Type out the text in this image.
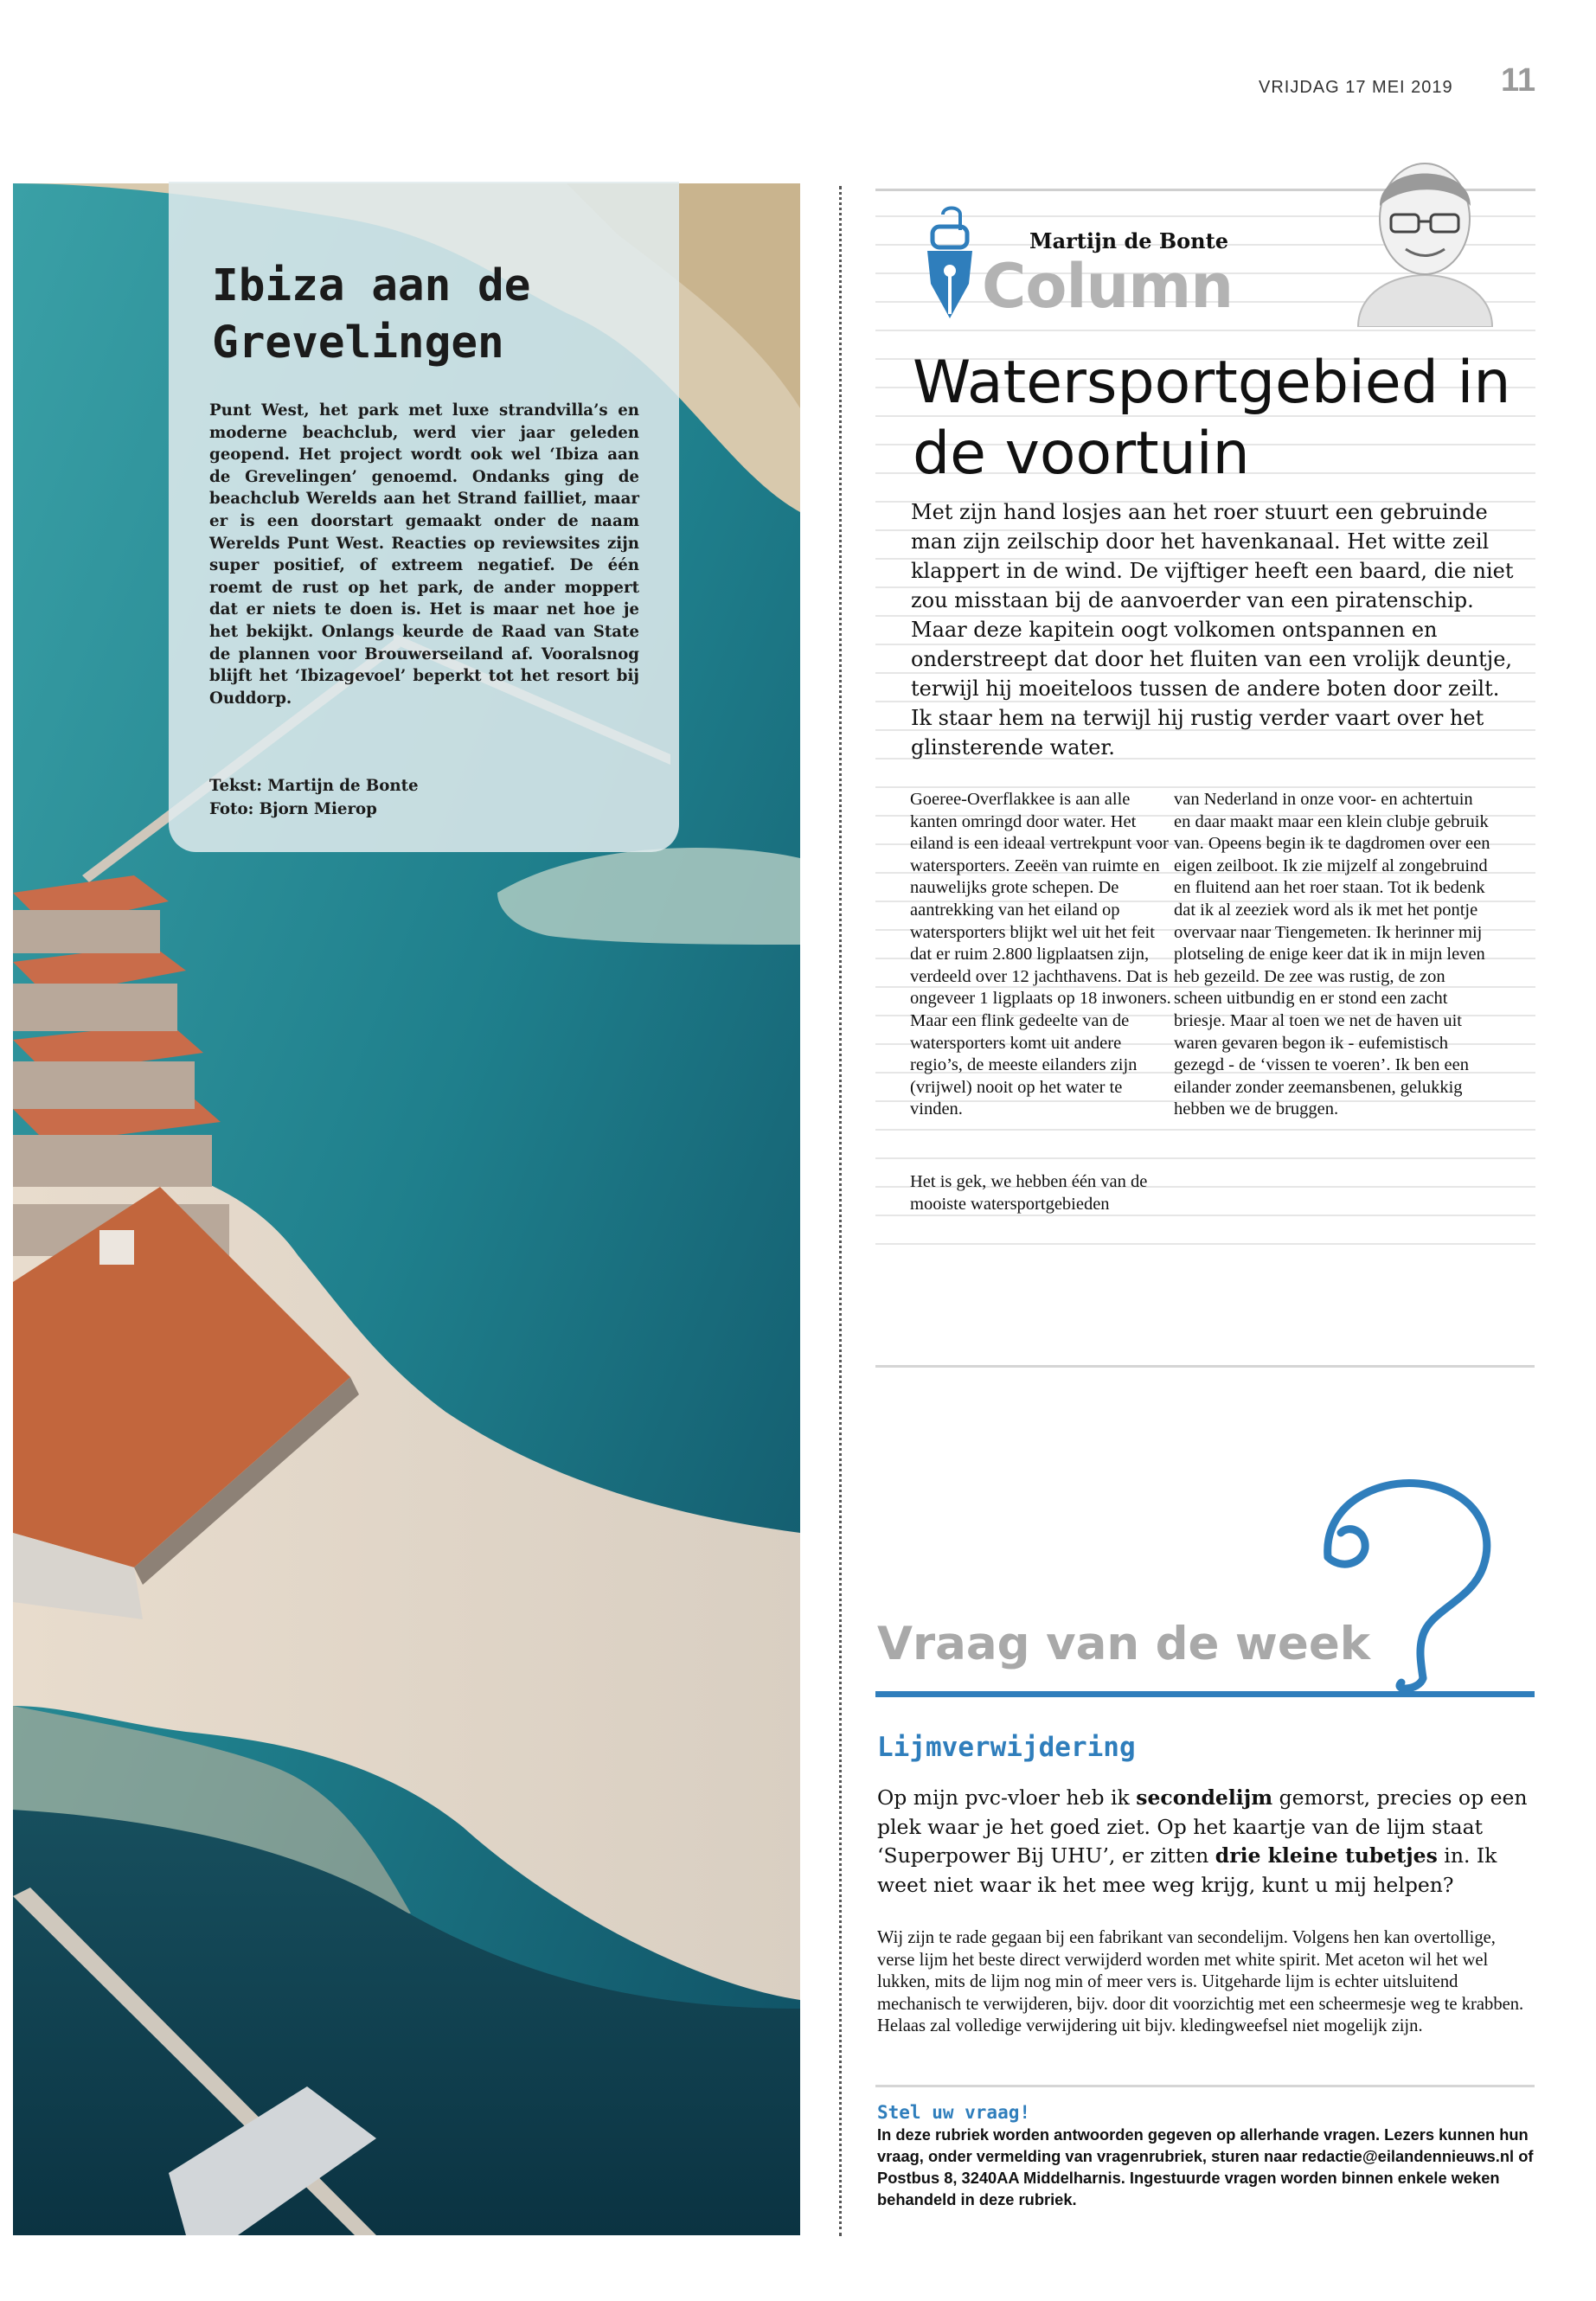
VRIJDAG 17 MEI 2019 11
Ibiza aan de Grevelingen
Punt West, het park met luxe strandvilla’s en moderne beachclub, werd vier jaar geleden geopend. Het project wordt ook wel ‘Ibiza aan de Grevelingen’ genoemd. Ondanks ging de beachclub Werelds aan het Strand failliet, maar er is een doorstart gemaakt onder de naam Werelds Punt West. Reacties op reviewsites zijn super positief, of extreem negatief. De één roemt de rust op het park, de ander moppert dat er niets te doen is. Het is maar net hoe je het bekijkt. Onlangs keurde de Raad van State de plannen voor Brouwerseiland af. Vooralsnog blijft het ‘Ibizagevoel’ beperkt tot het resort bij Ouddorp.
Tekst: Martijn de Bonte
Foto: Bjorn Mierop
Martijn de Bonte
Column
Watersportgebied in de voortuin
Met zijn hand losjes aan het roer stuurt een gebruinde man zijn zeilschip door het havenkanaal. Het witte zeil klappert in de wind. De vijftiger heeft een baard, die niet zou misstaan bij de aanvoerder van een piratenschip. Maar deze kapitein oogt volkomen ontspannen en onderstreept dat door het fluiten van een vrolijk deuntje, terwijl hij moeiteloos tussen de andere boten door zeilt. Ik staar hem na terwijl hij rustig verder vaart over het glinsterende water.
Goeree-Overflakkee is aan alle kanten omringd door water. Het eiland is een ideaal vertrekpunt voor watersporters. Zeeën van ruimte en nauwelijks grote schepen. De aantrekking van het eiland op watersporters blijkt wel uit het feit dat er ruim 2.800 ligplaatsen zijn, verdeeld over 12 jachthavens. Dat is ongeveer 1 ligplaats op 18 inwoners. Maar een flink gedeelte van de watersporters komt uit andere regio’s, de meeste eilanders zijn (vrijwel) nooit op het water te vinden.
Het is gek, we hebben één van de mooiste watersportgebieden
van Nederland in onze voor- en achtertuin en daar maakt maar een klein clubje gebruik van. Opeens begin ik te dagdromen over een eigen zeilboot. Ik zie mijzelf al zongebruind en fluitend aan het roer staan. Tot ik bedenk dat ik al zeeziek word als ik met het pontje overvaar naar Tiengemeten. Ik herinner mij plotseling de enige keer dat ik in mijn leven heb gezeild. De zee was rustig, de zon scheen uitbundig en er stond een zacht briesje. Maar al toen we net de haven uit waren gevaren begon ik - eufemistisch gezegd - de ‘vissen te voeren’. Ik ben een eilander zonder zeemansbenen, gelukkig hebben we de bruggen.
Vraag van de week
Lijmverwijdering
Op mijn pvc-vloer heb ik secondelijm gemorst, precies op een plek waar je het goed ziet. Op het kaartje van de lijm staat ‘Superpower Bij UHU’, er zitten drie kleine tubetjes in. Ik weet niet waar ik het mee weg krijg, kunt u mij helpen?
Wij zijn te rade gegaan bij een fabrikant van secondelijm. Volgens hen kan overtollige, verse lijm het beste direct verwijderd worden met white spirit. Met aceton wil het wel lukken, mits de lijm nog min of meer vers is. Uitgeharde lijm is echter uitsluitend mechanisch te verwijderen, bijv. door dit voorzichtig met een scheermesje weg te krabben. Helaas zal volledige verwijdering uit bijv. kledingweefsel niet mogelijk zijn.
Stel uw vraag!
In deze rubriek worden antwoorden gegeven op allerhande vragen. Lezers kunnen hun vraag, onder vermelding van vragenrubriek, sturen naar redactie@eilandennieuws.nl of Postbus 8, 3240AA Middelharnis. Ingestuurde vragen worden binnen enkele weken behandeld in deze rubriek.
